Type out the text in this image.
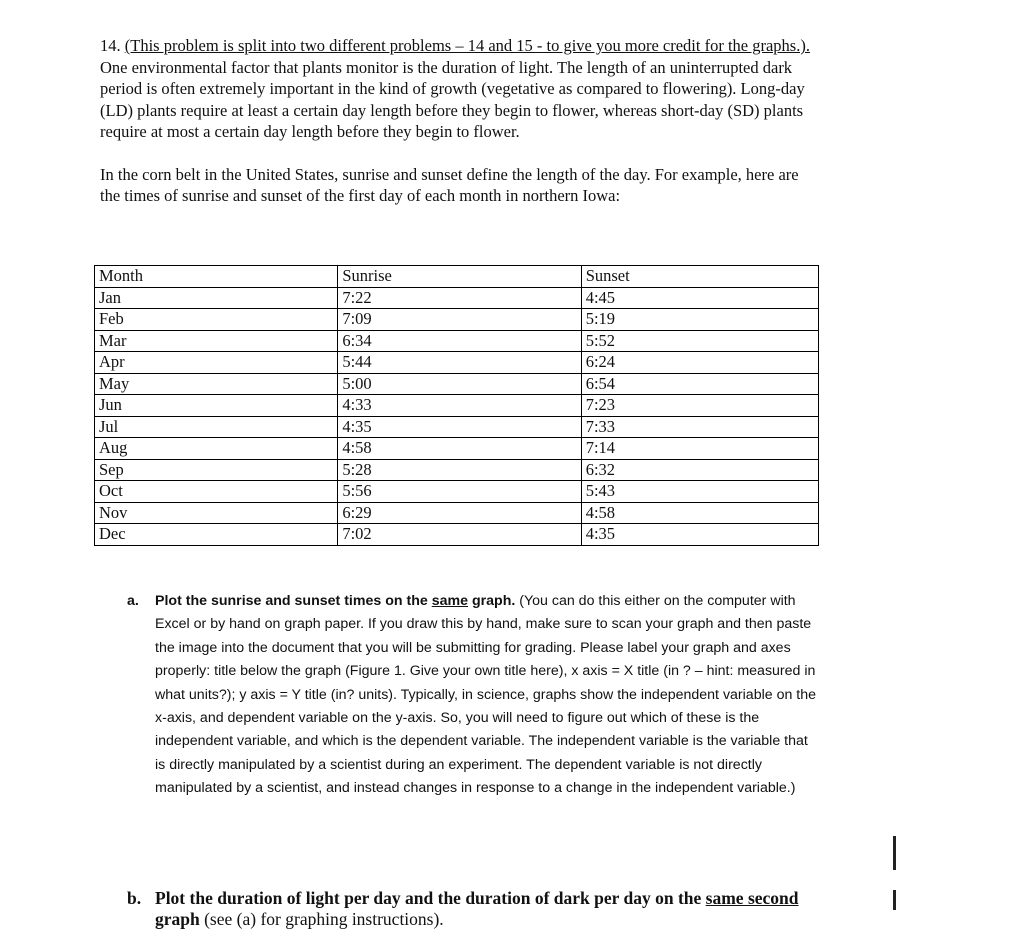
14. (This problem is split into two different problems – 14 and 15 - to give you more credit for the graphs.). One environmental factor that plants monitor is the duration of light. The length of an uninterrupted dark period is often extremely important in the kind of growth (vegetative as compared to flowering). Long-day (LD) plants require at least a certain day length before they begin to flower, whereas short-day (SD) plants require at most a certain day length before they begin to flower.

In the corn belt in the United States, sunrise and sunset define the length of the day. For example, here are the times of sunrise and sunset of the first day of each month in northern Iowa:

Month	Sunrise	Sunset
Jan	7:22	4:45
Feb	7:09	5:19
Mar	6:34	5:52
Apr	5:44	6:24
May	5:00	6:54
Jun	4:33	7:23
Jul	4:35	7:33
Aug	4:58	7:14
Sep	5:28	6:32
Oct	5:56	5:43
Nov	6:29	4:58
Dec	7:02	4:35
a. Plot the sunrise and sunset times on the same graph. (You can do this either on the computer with Excel or by hand on graph paper. If you draw this by hand, make sure to scan your graph and then paste the image into the document that you will be submitting for grading. Please label your graph and axes properly: title below the graph (Figure 1. Give your own title here), x axis = X title (in ? – hint: measured in what units?); y axis = Y title (in? units). Typically, in science, graphs show the independent variable on the x-axis, and dependent variable on the y-axis. So, you will need to figure out which of these is the independent variable, and which is the dependent variable. The independent variable is the variable that is directly manipulated by a scientist during an experiment. The dependent variable is not directly manipulated by a scientist, and instead changes in response to a change in the independent variable.)
b. Plot the duration of light per day and the duration of dark per day on the same second graph (see (a) for graphing instructions).
